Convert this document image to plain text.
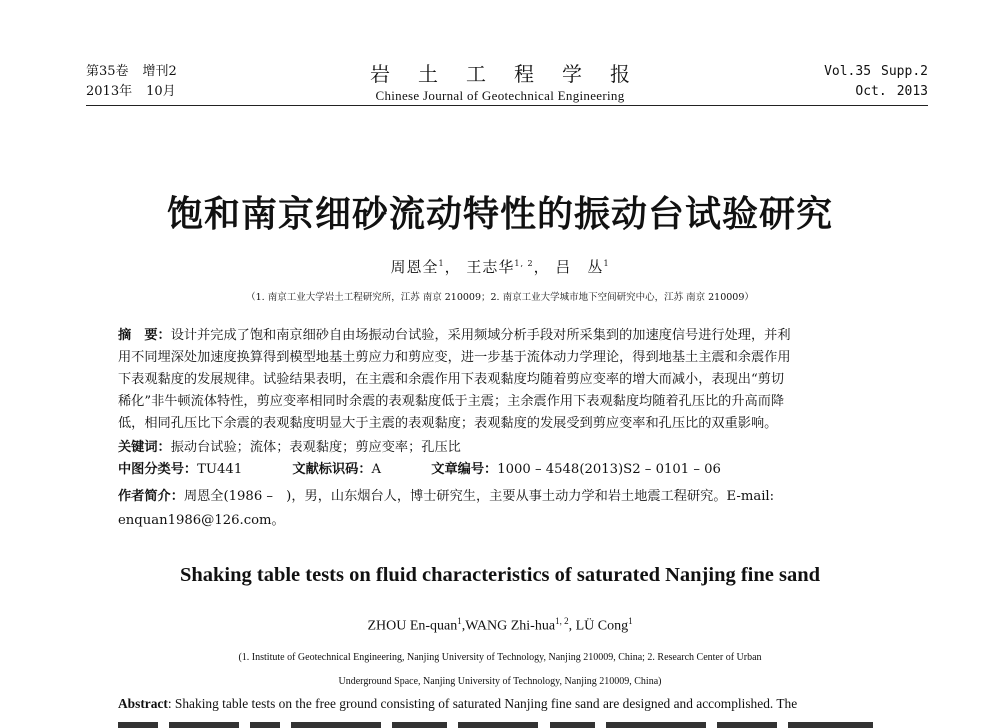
第35卷 增刊2
2013年 10月
岩土工程学报
Chinese Journal of Geotechnical Engineering
Vol.35 Supp.2
Oct. 2013
饱和南京细砂流动特性的振动台试验研究
周恩全$^1$， 王志华$^{1, 2}$， 吕　丛$^1$
（1. 南京工业大学岩土工程研究所，江苏 南京 210009；2. 南京工业大学城市地下空间研究中心，江苏 南京 210009）
摘　要：设计并完成了饱和南京细砂自由场振动台试验，采用频域分析手段对所采集到的加速度信号进行处理，并利
用不同埋深处加速度换算得到模型地基土剪应力和剪应变，进一步基于流体动力学理论，得到地基土主震和余震作用
下表观黏度的发展规律。试验结果表明，在主震和余震作用下表观黏度均随着剪应变率的增大而减小，表现出“剪切
稀化”非牛顿流体特性，剪应变率相同时余震的表观黏度低于主震；主余震作用下表观黏度均随着孔压比的升高而降
低，相同孔压比下余震的表观黏度明显大于主震的表观黏度；表观黏度的发展受到剪应变率和孔压比的双重影响。
关键词：振动台试验；流体；表观黏度；剪应变率；孔压比
中图分类号：TU441	文献标识码：A	文章编号：1000 – 4548(2013)S2 – 0101 – 06
作者简介：周恩全(1986 –　)，男，山东烟台人，博士研究生，主要从事土动力学和岩土地震工程研究。E-mail:
enquan1986@126.com。
Shaking table tests on fluid characteristics of saturated Nanjing fine sand
ZHOU En-quan$^1$,WANG Zhi-hua$^{1, 2}$, LÜ Cong$^1$
(1. Institute of Geotechnical Engineering, Nanjing University of Technology, Nanjing 210009, China; 2. Research Center of Urban
Underground Space, Nanjing University of Technology, Nanjing 210009, China)
Abstract: Shaking table tests on the free ground consisting of saturated Nanjing fine sand are designed and accomplished. The
